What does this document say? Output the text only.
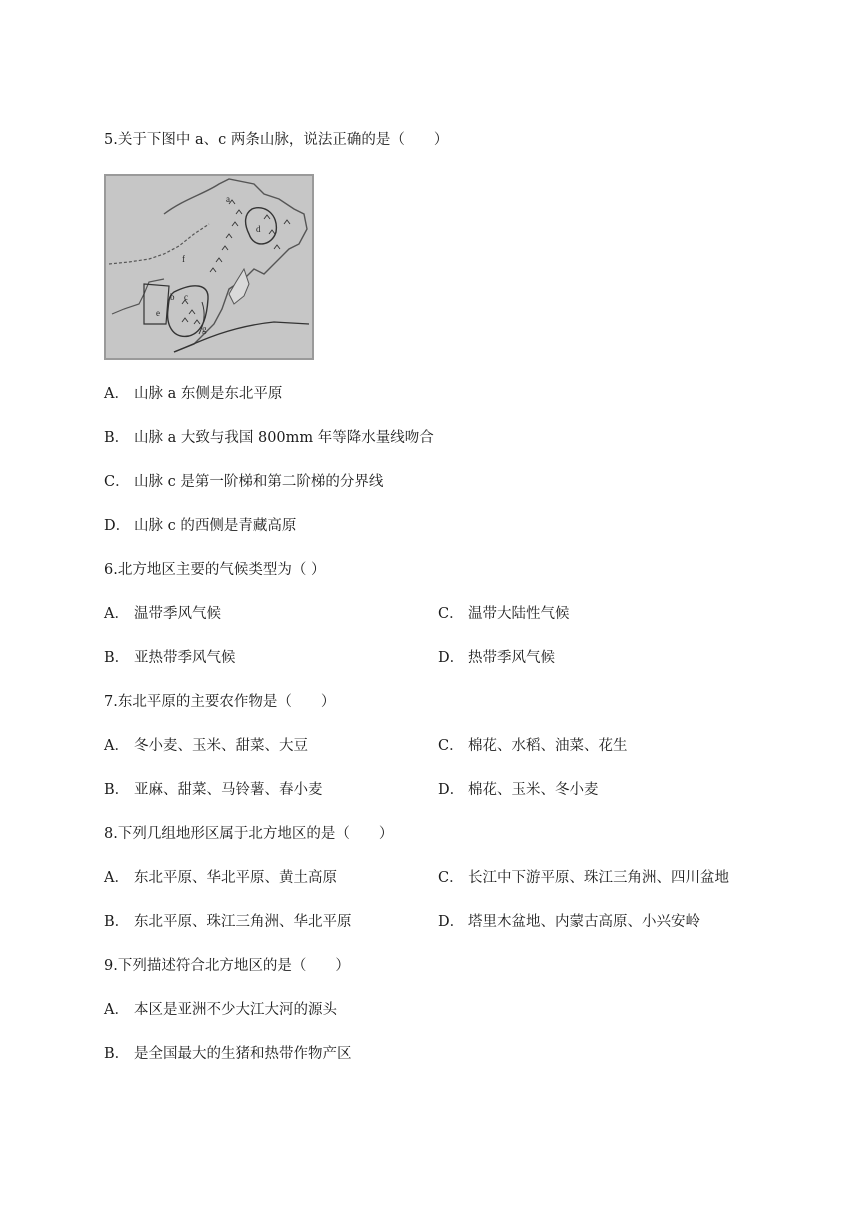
5.关于下图中 a、c 两条山脉，说法正确的是（　　）
a
b c
d
e
f
g
A． 山脉 a 东侧是东北平原
B． 山脉 a 大致与我国 800mm 年等降水量线吻合
C． 山脉 c 是第一阶梯和第二阶梯的分界线
D． 山脉 c 的西侧是青藏高原
6.北方地区主要的气候类型为（ ）
A． 温带季风气候	C． 温带大陆性气候
B． 亚热带季风气候	D． 热带季风气候
7.东北平原的主要农作物是（　　）
A． 冬小麦、玉米、甜菜、大豆	C． 棉花、水稻、油菜、花生
B． 亚麻、甜菜、马铃薯、春小麦	D． 棉花、玉米、冬小麦
8.下列几组地形区属于北方地区的是（　　）
A． 东北平原、华北平原、黄土高原	C． 长江中下游平原、珠江三角洲、四川盆地
B． 东北平原、珠江三角洲、华北平原	D． 塔里木盆地、内蒙古高原、小兴安岭
9.下列描述符合北方地区的是（　　）
A． 本区是亚洲不少大江大河的源头
B． 是全国最大的生猪和热带作物产区
